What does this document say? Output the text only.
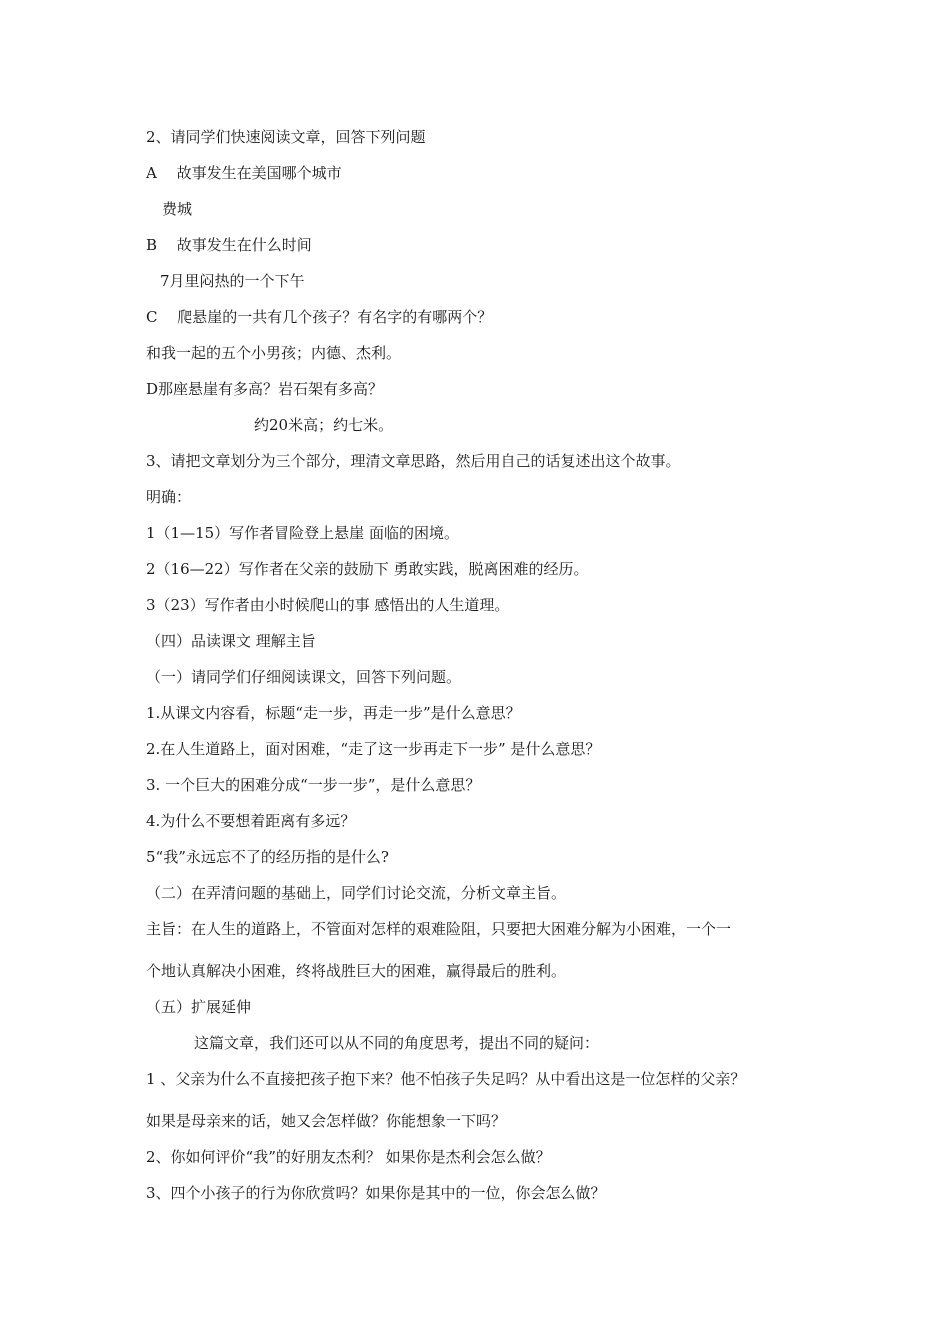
2、请同学们快速阅读文章，回答下列问题
A　 故事发生在美国哪个城市
费城
B　 故事发生在什么时间
7月里闷热的一个下午
C　 爬悬崖的一共有几个孩子？有名字的有哪两个？
和我一起的五个小男孩；内德、杰利。
D那座悬崖有多高？岩石架有多高？
约20米高；约七米。
3、请把文章划分为三个部分，理清文章思路，然后用自己的话复述出这个故事。
明确：
1（1—15）写作者冒险登上悬崖 面临的困境。
2（16—22）写作者在父亲的鼓励下 勇敢实践，脱离困难的经历。
3（23）写作者由小时候爬山的事 感悟出的人生道理。
（四）品读课文 理解主旨
（一）请同学们仔细阅读课文，回答下列问题。
1.从课文内容看，标题“走一步，再走一步”是什么意思？
2.在人生道路上，面对困难，“走了这一步再走下一步” 是什么意思？
3. 一个巨大的困难分成“一步一步”，是什么意思？
4.为什么不要想着距离有多远？
5“我”永远忘不了的经历指的是什么?
（二）在弄清问题的基础上，同学们讨论交流，分析文章主旨。
主旨：在人生的道路上，不管面对怎样的艰难险阻，只要把大困难分解为小困难，一个一
个地认真解决小困难，终将战胜巨大的困难，赢得最后的胜利。
（五）扩展延伸
这篇文章，我们还可以从不同的角度思考，提出不同的疑问：
1 、父亲为什么不直接把孩子抱下来？他不怕孩子失足吗？从中看出这是一位怎样的父亲？
如果是母亲来的话，她又会怎样做？你能想象一下吗？
2、你如何评价“我”的好朋友杰利？ 如果你是杰利会怎么做？
3、四个小孩子的行为你欣赏吗？如果你是其中的一位，你会怎么做？
